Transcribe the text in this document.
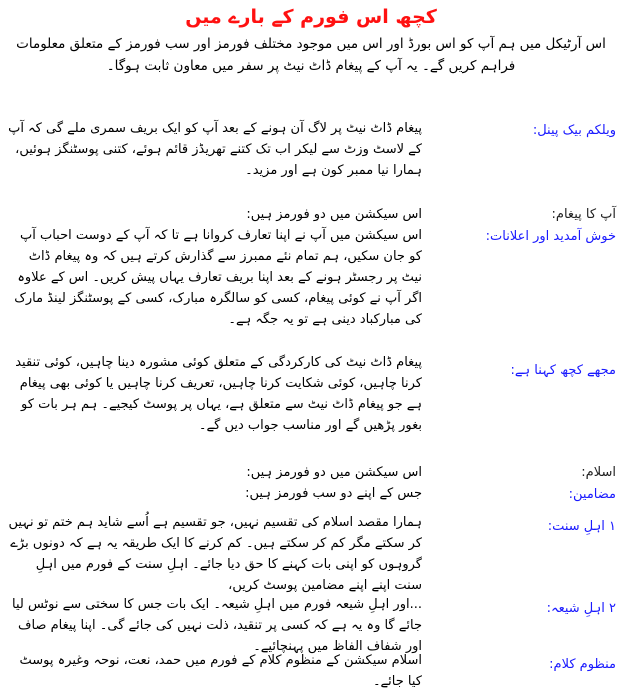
کچھ اس فورم کے بارے میں
اس آرٹیکل میں ہم آپ کو اس بورڈ اور اس میں موجود مختلف فورمز اور سب فورمز کے متعلق معلومات فراہم کریں گے۔ یہ آپ کے پیغام ڈاٹ نیٹ پر سفر میں معاون ثابت ہوگا۔
ویلکم بیک پینل:

پیغام ڈاٹ نیٹ پر لاگ آن ہونے کے بعد آپ کو ایک بریف سمری ملے گی کہ آپ کے لاسٹ وزٹ سے لیکر اب تک کتنے تھریڈز قائم ہوئے، کتنی پوسٹنگز ہوئیں، ہمارا نیا ممبر کون ہے اور مزید۔

آپ کا پیغام:
خوش آمدید اور اعلانات:

اس سیکشن میں دو فورمز ہیں:

اس سیکشن میں آپ نے اپنا تعارف کروانا ہے تا کہ آپ کے دوست احباب آپ کو جان سکیں، ہم تمام نئے ممبرز سے گذارش کرتے ہیں کہ وہ پیغام ڈاٹ نیٹ پر رجسٹر ہونے کے بعد اپنا بریف تعارف یہاں پیش کریں۔ اس کے علاوہ اگر آپ نے کوئی پیغام، کسی کو سالگرہ مبارک، کسی کے پوسٹنگز لینڈ مارک کی مبارکباد دینی ہے تو یہ جگہ ہے۔

مجھے کچھ کہنا ہے:

پیغام ڈاٹ نیٹ کی کارکردگی کے متعلق کوئی مشورہ دینا چاہیں، کوئی تنقید کرنا چاہیں، کوئی شکایت کرنا چاہیں، تعریف کرنا چاہیں یا کوئی بھی پیغام ہے جو پیغام ڈاٹ نیٹ سے متعلق ہے، یہاں پر پوسٹ کیجیے۔ ہم ہر بات کو بغور پڑھیں گے اور مناسب جواب دیں گے۔

اسلام:
مضامین:

اس سیکشن میں دو فورمز ہیں:

جس کے اپنے دو سب فورمز ہیں:

۱ اہلِ سنت:

ہمارا مقصد اسلام کی تقسیم نہیں، جو تقسیم ہے اُسے شاید ہم ختم تو نہیں کر سکتے مگر کم کر سکتے ہیں۔ کم کرنے کا ایک طریقہ یہ ہے کہ دونوں بڑے گروہوں کو اپنی بات کہنے کا حق دیا جائے۔ اہلِ سنت کے فورم میں اہلِ سنت اپنے اپنے مضامین پوسٹ کریں،

۲ اہلِ شیعہ:

...اور اہلِ شیعہ فورم میں اہلِ شیعہ۔ ایک بات جس کا سختی سے نوٹس لیا جائے گا وہ یہ ہے کہ کسی پر تنقید، ذلت نہیں کی جائے گی۔ اپنا پیغام صاف اور شفاف الفاظ میں پہنچائیے۔

منظوم کلام:

اسلام سیکشن کے منظوم کلام کے فورم میں حمد، نعت، نوحہ وغیرہ پوسٹ کیا جائے۔
